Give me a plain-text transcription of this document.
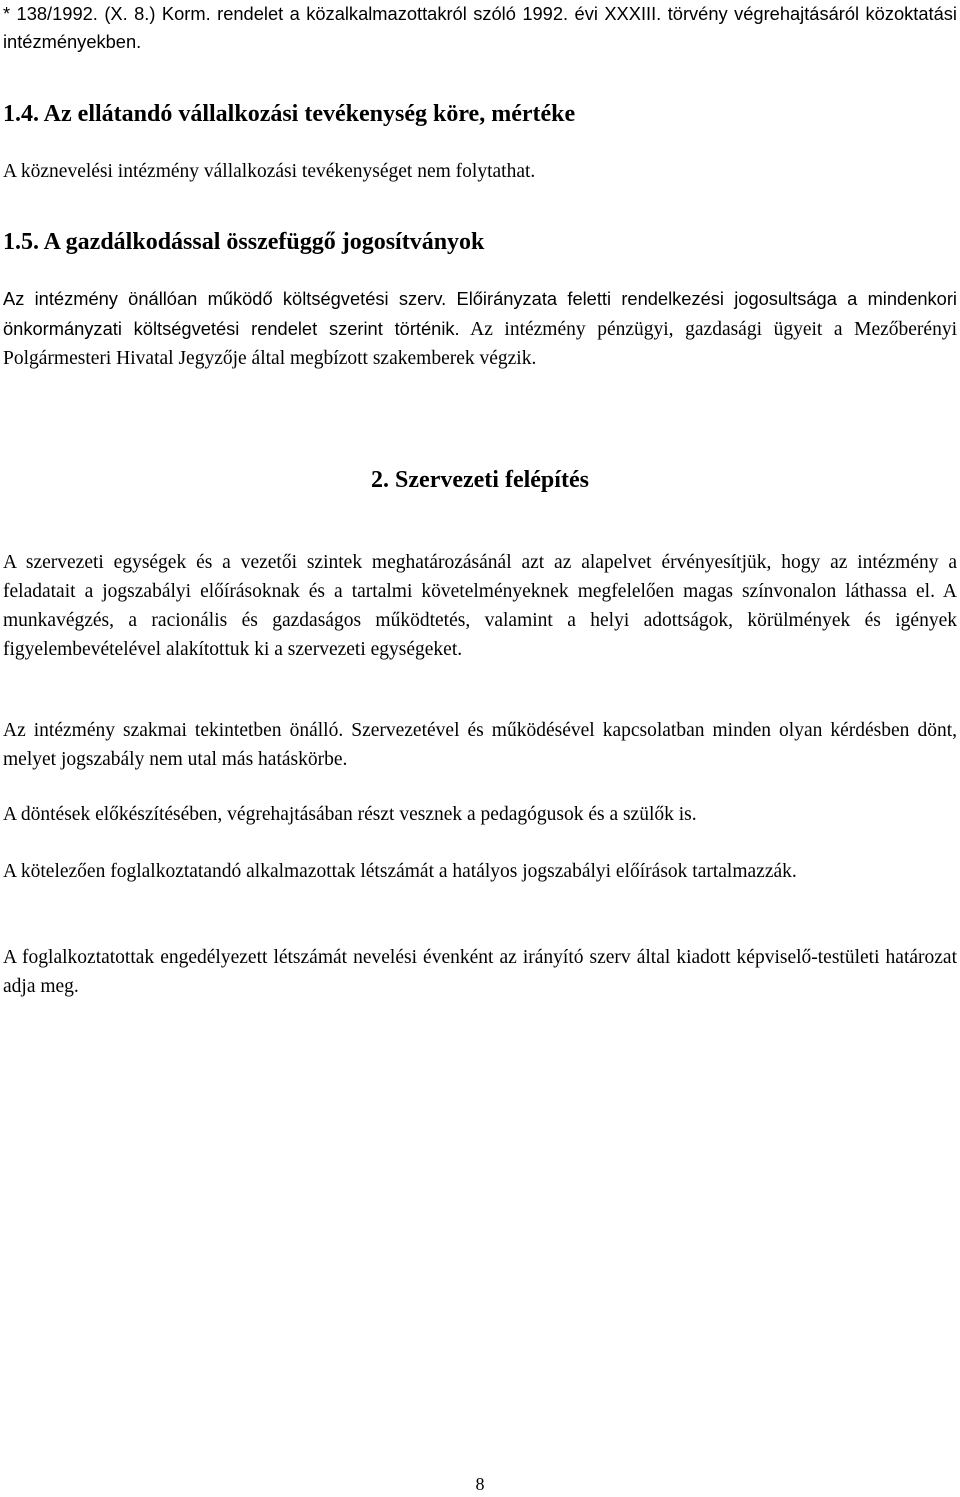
* 138/1992. (X. 8.) Korm. rendelet a közalkalmazottakról szóló 1992. évi XXXIII. törvény végrehajtásáról közoktatási intézményekben.

1.4. Az ellátandó vállalkozási tevékenység köre, mértéke

A köznevelési intézmény vállalkozási tevékenységet nem folytathat.

1.5. A gazdálkodással összefüggő jogosítványok

Az intézmény önállóan működő költségvetési szerv. Előirányzata feletti rendelkezési jogosultsága a mindenkori önkormányzati költségvetési rendelet szerint történik. Az intézmény pénzügyi, gazdasági ügyeit a Mezőberényi Polgármesteri Hivatal Jegyzője által megbízott szakemberek végzik.

2. Szervezeti felépítés

A szervezeti egységek és a vezetői szintek meghatározásánál azt az alapelvet érvényesítjük, hogy az intézmény a feladatait a jogszabályi előírásoknak és a tartalmi követelményeknek megfelelően magas színvonalon láthassa el. A munkavégzés, a racionális és gazdaságos működtetés, valamint a helyi adottságok, körülmények és igények figyelembevételével alakítottuk ki a szervezeti egységeket.

Az intézmény szakmai tekintetben önálló. Szervezetével és működésével kapcsolatban minden olyan kérdésben dönt, melyet jogszabály nem utal más hatáskörbe.

A döntések előkészítésében, végrehajtásában részt vesznek a pedagógusok és a szülők is.

A kötelezően foglalkoztatandó alkalmazottak létszámát a hatályos jogszabályi előírások tartalmazzák.

A foglalkoztatottak engedélyezett létszámát nevelési évenként az irányító szerv által kiadott képviselő-testületi határozat adja meg.

8
